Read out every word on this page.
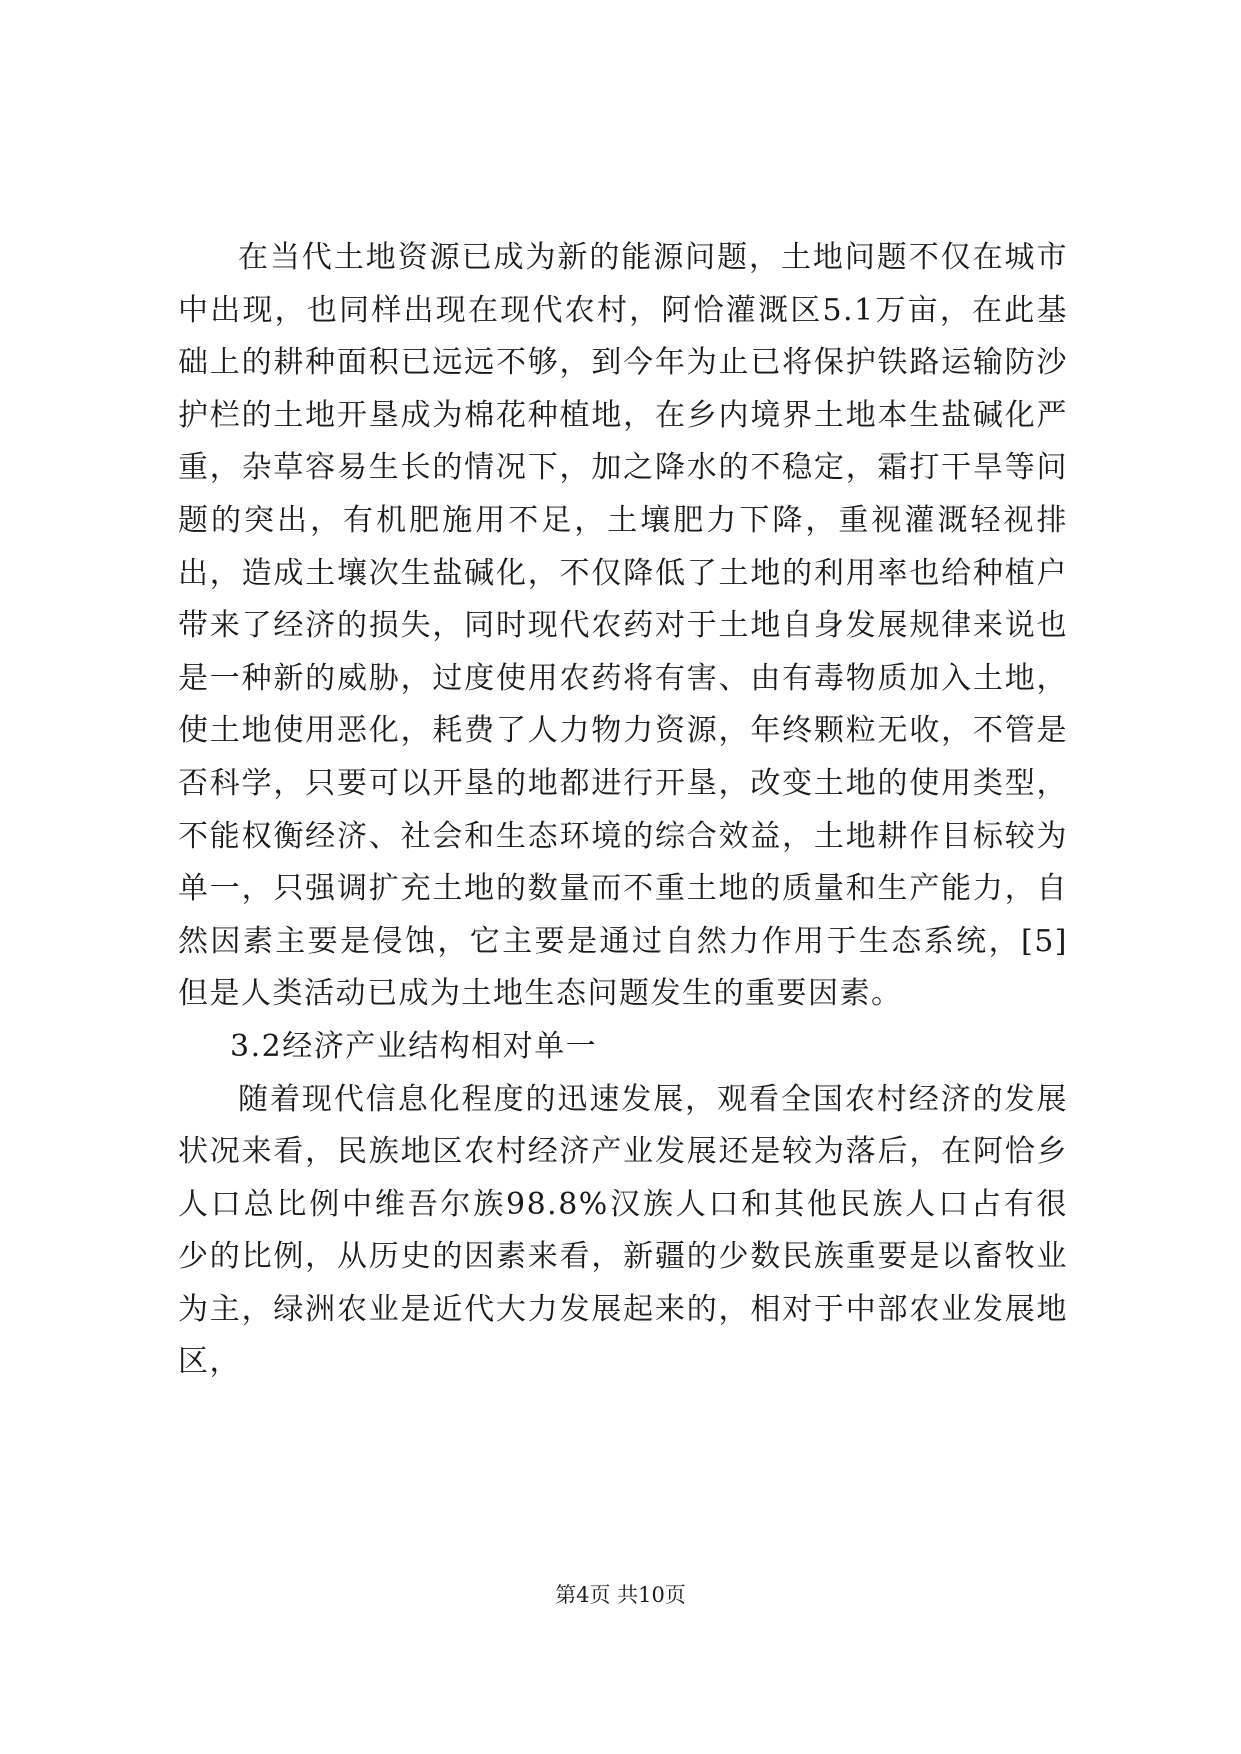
在当代土地资源已成为新的能源问题，土地问题不仅在城市中出现，也同样出现在现代农村，阿恰灌溉区5.1万亩，在此基础上的耕种面积已远远不够，到今年为止已将保护铁路运输防沙护栏的土地开垦成为棉花种植地，在乡内境界土地本生盐碱化严重，杂草容易生长的情况下，加之降水的不稳定，霜打干旱等问题的突出，有机肥施用不足，土壤肥力下降，重视灌溉轻视排出，造成土壤次生盐碱化，不仅降低了土地的利用率也给种植户带来了经济的损失，同时现代农药对于土地自身发展规律来说也是一种新的威胁，过度使用农药将有害、由有毒物质加入土地，使土地使用恶化，耗费了人力物力资源，年终颗粒无收，不管是否科学，只要可以开垦的地都进行开垦，改变土地的使用类型，不能权衡经济、社会和生态环境的综合效益，土地耕作目标较为单一，只强调扩充土地的数量而不重土地的质量和生产能力，自然因素主要是侵蚀，它主要是通过自然力作用于生态系统，[5]但是人类活动已成为土地生态问题发生的重要因素。

3.2经济产业结构相对单一

随着现代信息化程度的迅速发展，观看全国农村经济的发展状况来看，民族地区农村经济产业发展还是较为落后，在阿恰乡人口总比例中维吾尔族98.8%汉族人口和其他民族人口占有很少的比例，从历史的因素来看，新疆的少数民族重要是以畜牧业为主，绿洲农业是近代大力发展起来的，相对于中部农业发展地区，

第4页 共10页
